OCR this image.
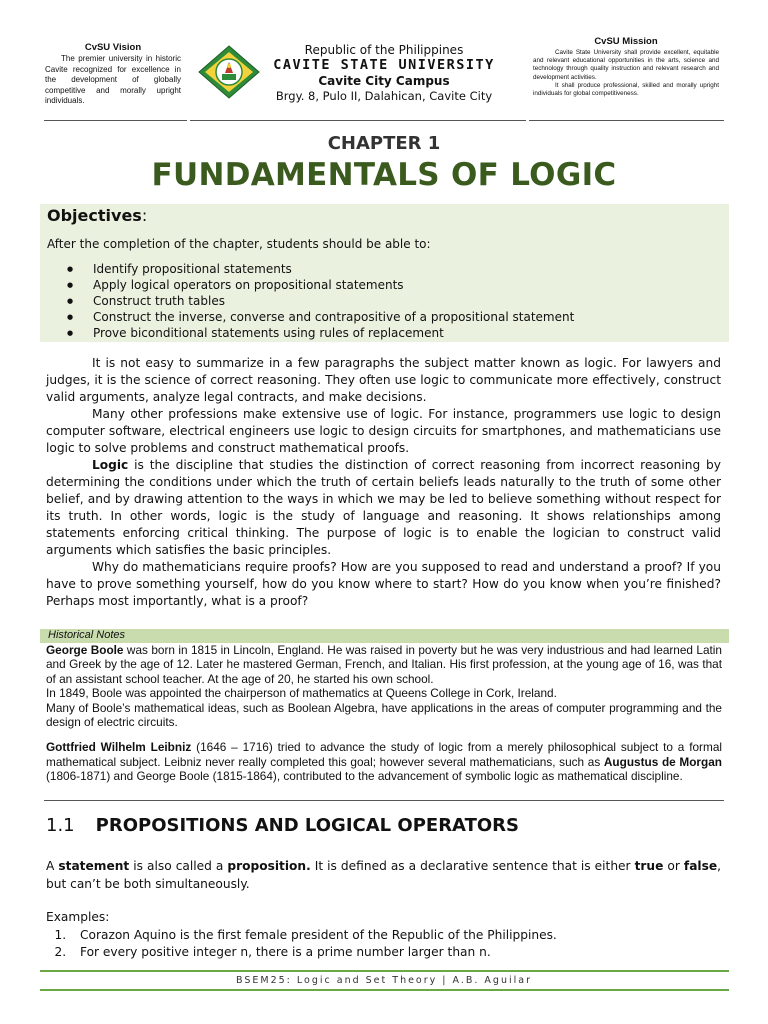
CvSU Vision
The premier university in historic Cavite recognized for excellence in the development of globally competitive and morally upright individuals.
Republic of the Philippines
CAVITE STATE UNIVERSITY
Cavite City Campus
Brgy. 8, Pulo II, Dalahican, Cavite City
CvSU Mission
Cavite State University shall provide excellent, equitable and relevant educational opportunities in the arts, science and technology through quality instruction and relevant research and development activities.
It shall produce professional, skilled and morally upright individuals for global competitiveness.
CHAPTER 1
FUNDAMENTALS OF LOGIC
Objectives:
After the completion of the chapter, students should be able to:
● Identify propositional statements
● Apply logical operators on propositional statements
● Construct truth tables
● Construct the inverse, converse and contrapositive of a propositional statement
● Prove biconditional statements using rules of replacement

It is not easy to summarize in a few paragraphs the subject matter known as logic. For lawyers and judges, it is the science of correct reasoning. They often use logic to communicate more effectively, construct valid arguments, analyze legal contracts, and make decisions.

Many other professions make extensive use of logic. For instance, programmers use logic to design computer software, electrical engineers use logic to design circuits for smartphones, and mathematicians use logic to solve problems and construct mathematical proofs.

Logic is the discipline that studies the distinction of correct reasoning from incorrect reasoning by determining the conditions under which the truth of certain beliefs leads naturally to the truth of some other belief, and by drawing attention to the ways in which we may be led to believe something without respect for its truth. In other words, logic is the study of language and reasoning. It shows relationships among statements enforcing critical thinking. The purpose of logic is to enable the logician to construct valid arguments which satisfies the basic principles.

Why do mathematicians require proofs? How are you supposed to read and understand a proof? If you have to prove something yourself, how do you know where to start? How do you know when you’re finished? Perhaps most importantly, what is a proof?

Historical Notes

George Boole was born in 1815 in Lincoln, England. He was raised in poverty but he was very industrious and had learned Latin and Greek by the age of 12. Later he mastered German, French, and Italian. His first profession, at the young age of 16, was that of an assistant school teacher. At the age of 20, he started his own school.

In 1849, Boole was appointed the chairperson of mathematics at Queens College in Cork, Ireland.

Many of Boole’s mathematical ideas, such as Boolean Algebra, have applications in the areas of computer programming and the design of electric circuits.

Gottfried Wilhelm Leibniz (1646 – 1716) tried to advance the study of logic from a merely philosophical subject to a formal mathematical subject. Leibniz never really completed this goal; however several mathematicians, such as Augustus de Morgan (1806-1871) and George Boole (1815-1864), contributed to the advancement of symbolic logic as mathematical discipline.

1.1 PROPOSITIONS AND LOGICAL OPERATORS
A statement is also called a proposition. It is defined as a declarative sentence that is either true or false, but can’t be both simultaneously.
Examples:
1. Corazon Aquino is the first female president of the Republic of the Philippines.
2. For every positive integer n, there is a prime number larger than n.
BSEM25: Logic and Set Theory | A.B. Aguilar
